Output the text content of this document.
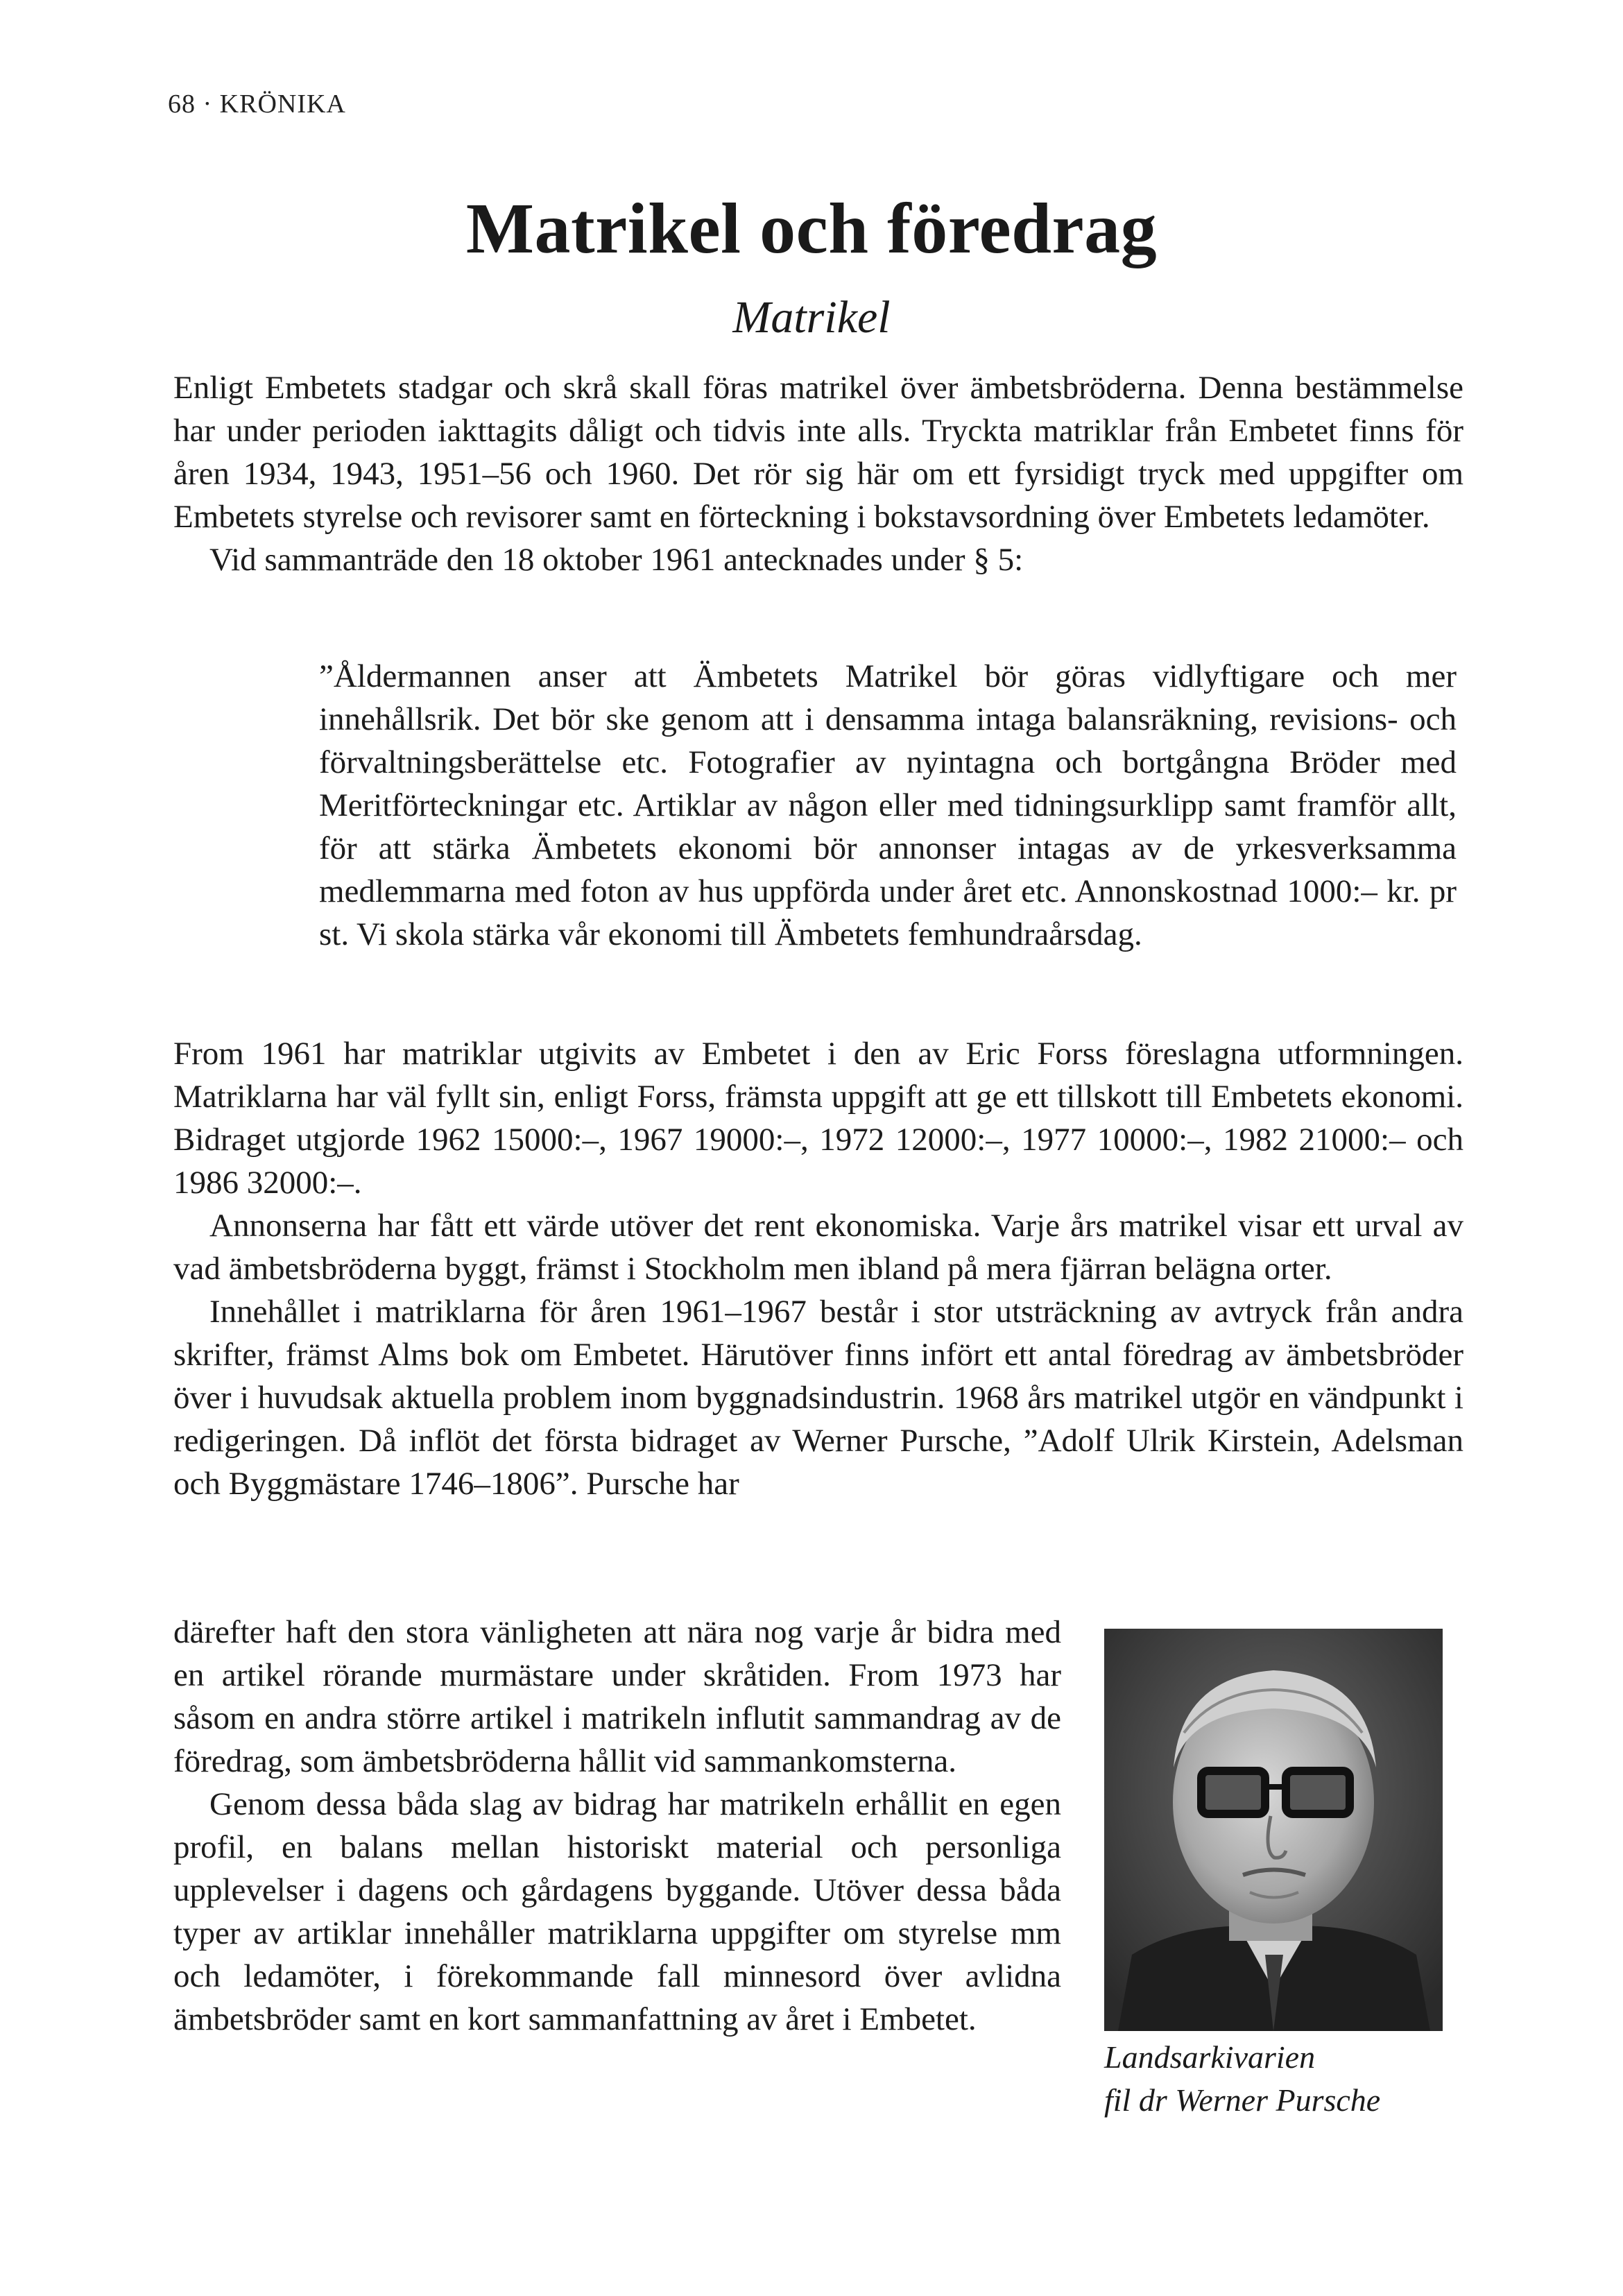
68 · KRÖNIKA
Matrikel och föredrag
Matrikel

Enligt Embetets stadgar och skrå skall föras matrikel över ämbetsbröderna. Denna bestämmelse har under perioden iakttagits dåligt och tidvis inte alls. Tryckta matriklar från Embetet finns för åren 1934, 1943, 1951–56 och 1960. Det rör sig här om ett fyrsidigt tryck med uppgifter om Embetets styrelse och revisorer samt en förteckning i bokstavsordning över Embetets ledamöter.

Vid sammanträde den 18 oktober 1961 antecknades under § 5:

”Åldermannen anser att Ämbetets Matrikel bör göras vidlyftigare och mer innehållsrik. Det bör ske genom att i densamma intaga balansräkning, revisions- och förvaltningsberättelse etc. Fotografier av nyintagna och bortgångna Bröder med Meritförteckningar etc. Artiklar av någon eller med tidningsurklipp samt framför allt, för att stärka Ämbetets ekonomi bör annonser intagas av de yrkesverksamma medlemmarna med foton av hus uppförda under året etc. Annonskostnad 1000:– kr. pr st. Vi skola stärka vår ekonomi till Ämbetets femhundraårsdag.

From 1961 har matriklar utgivits av Embetet i den av Eric Forss föreslagna utformningen. Matriklarna har väl fyllt sin, enligt Forss, främsta uppgift att ge ett tillskott till Embetets ekonomi. Bidraget utgjorde 1962 15000:–, 1967 19000:–, 1972 12000:–, 1977 10000:–, 1982 21000:– och 1986 32000:–.

Annonserna har fått ett värde utöver det rent ekonomiska. Varje års matrikel visar ett urval av vad ämbetsbröderna byggt, främst i Stockholm men ibland på mera fjärran belägna orter.

Innehållet i matriklarna för åren 1961–1967 består i stor utsträckning av avtryck från andra skrifter, främst Alms bok om Embetet. Härutöver finns infört ett antal föredrag av ämbetsbröder över i huvudsak aktuella problem inom byggnadsindustrin. 1968 års matrikel utgör en vändpunkt i redigeringen. Då inflöt det första bidraget av Werner Pursche, ”Adolf Ulrik Kirstein, Adelsman och Byggmästare 1746–1806”. Pursche har

därefter haft den stora vänligheten att nära nog varje år bidra med en artikel rörande murmästare under skråtiden. From 1973 har såsom en andra större artikel i matrikeln influtit sammandrag av de föredrag, som ämbetsbröderna hållit vid sammankomsterna.

Genom dessa båda slag av bidrag har matrikeln erhållit en egen profil, en balans mellan historiskt material och personliga upplevelser i dagens och gårdagens byggande. Utöver dessa båda typer av artiklar innehåller matriklarna uppgifter om styrelse mm och ledamöter, i förekommande fall minnesord över avlidna ämbetsbröder samt en kort sammanfattning av året i Embetet.

Landsarkivarien
fil dr Werner Pursche
